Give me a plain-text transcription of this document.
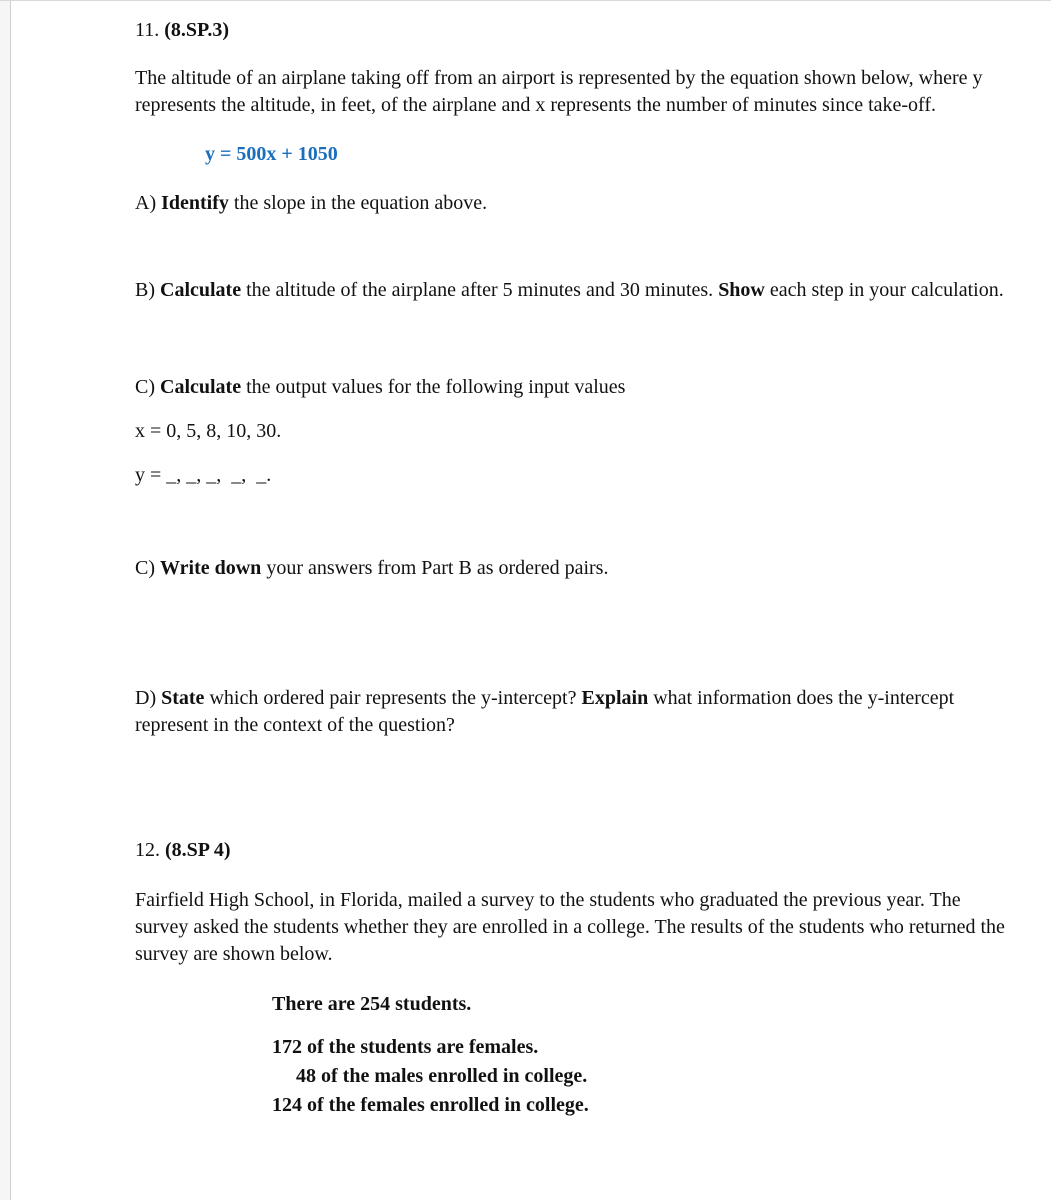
11. (8.SP.3)

The altitude of an airplane taking off from an airport is represented by the equation shown below, where y represents the altitude, in feet, of the airplane and x represents the number of minutes since take-off.

y = 500x + 1050

A) Identify the slope in the equation above.

B) Calculate the altitude of the airplane after 5 minutes and 30 minutes. Show each step in your calculation.

C) Calculate the output values for the following input values

x = 0, 5, 8, 10, 30.

y = _, _, _,  _,  _.

C) Write down your answers from Part B as ordered pairs.

D) State which ordered pair represents the y-intercept? Explain what information does the y-intercept represent in the context of the question?

12. (8.SP 4)

Fairfield High School, in Florida, mailed a survey to the students who graduated the previous year. The survey asked the students whether they are enrolled in a college. The results of the students who returned the survey are shown below.

There are 254 students.

172 of the students are females.

48 of the males enrolled in college.

124 of the females enrolled in college.
